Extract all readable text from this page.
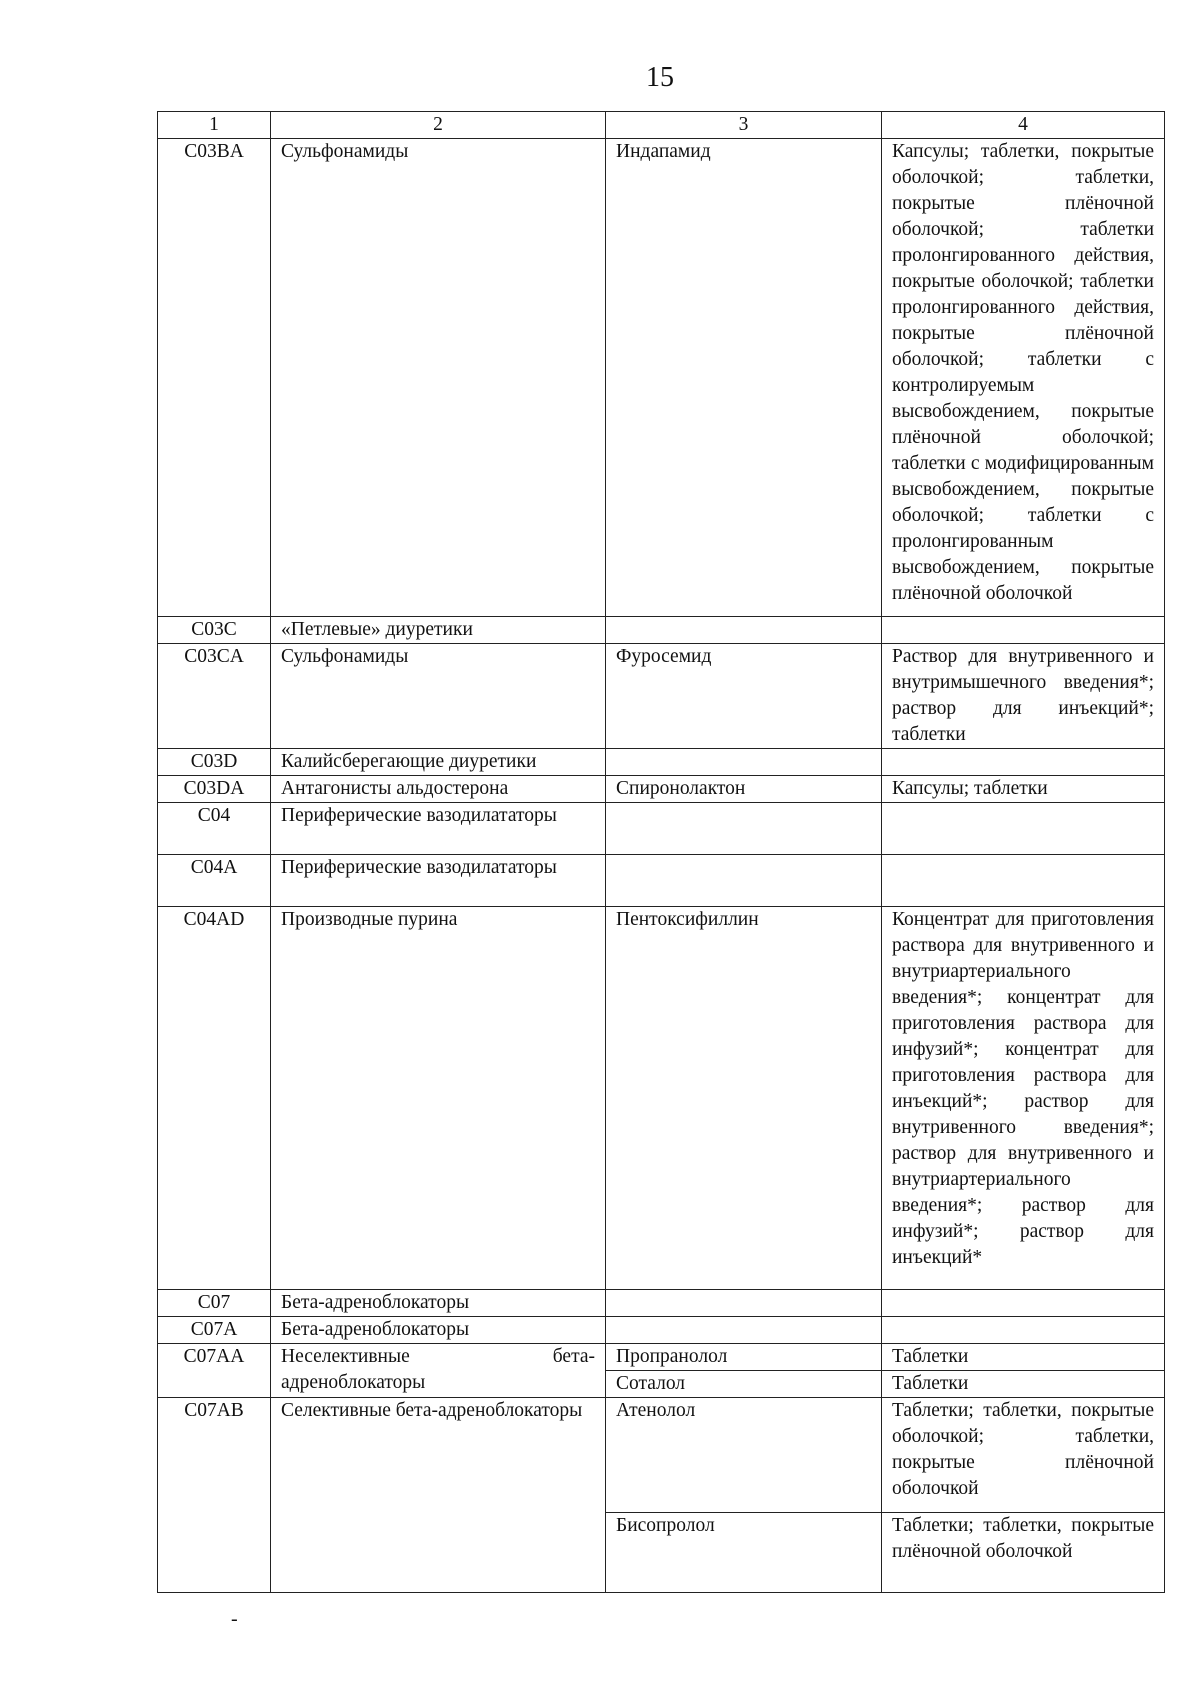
15
1	2	3	4
C03BA	Сульфонамиды	Индапамид	Капсулы; таблетки, покрытые оболочкой; таблетки, покрытые плёночной оболочкой; таблетки пролонгированного действия, покрытые оболочкой; таблетки пролонгированного действия, покрытые плёночной оболочкой; таблетки с контролируемым высвобождением, покрытые плёночной оболочкой; таблетки с модифицированным высвобождением, покрытые оболочкой; таблетки с пролонгированным высвобождением, покрытые плёночной оболочкой
C03C	«Петлевые» диуретики		
C03CA	Сульфонамиды	Фуросемид	Раствор для внутривенного и внутримышечного введения*; раствор для инъекций*; таблетки
C03D	Калийсберегающие диуретики		
C03DA	Антагонисты альдостерона	Спиронолактон	Капсулы; таблетки
C04	Периферические вазодилататоры		
C04A	Периферические вазодилататоры		
C04AD	Производные пурина	Пентоксифиллин	Концентрат для приготовления раствора для внутривенного и внутриартериального введения*; концентрат для приготовления раствора для инфузий*; концентрат для приготовления раствора для инъекций*; раствор для внутривенного введения*; раствор для внутривенного и внутриартериального введения*; раствор для инфузий*; раствор для инъекций*
C07	Бета-адреноблокаторы		
C07A	Бета-адреноблокаторы		
C07AA	Неселективные бета-адреноблокаторы	Пропранолол	Таблетки
		Соталол	Таблетки
C07AB	Селективные бета-адреноблокаторы	Атенолол	Таблетки; таблетки, покрытые оболочкой; таблетки, покрытые плёночной оболочкой
		Бисопролол	Таблетки; таблетки, покрытые плёночной оболочкой
-
